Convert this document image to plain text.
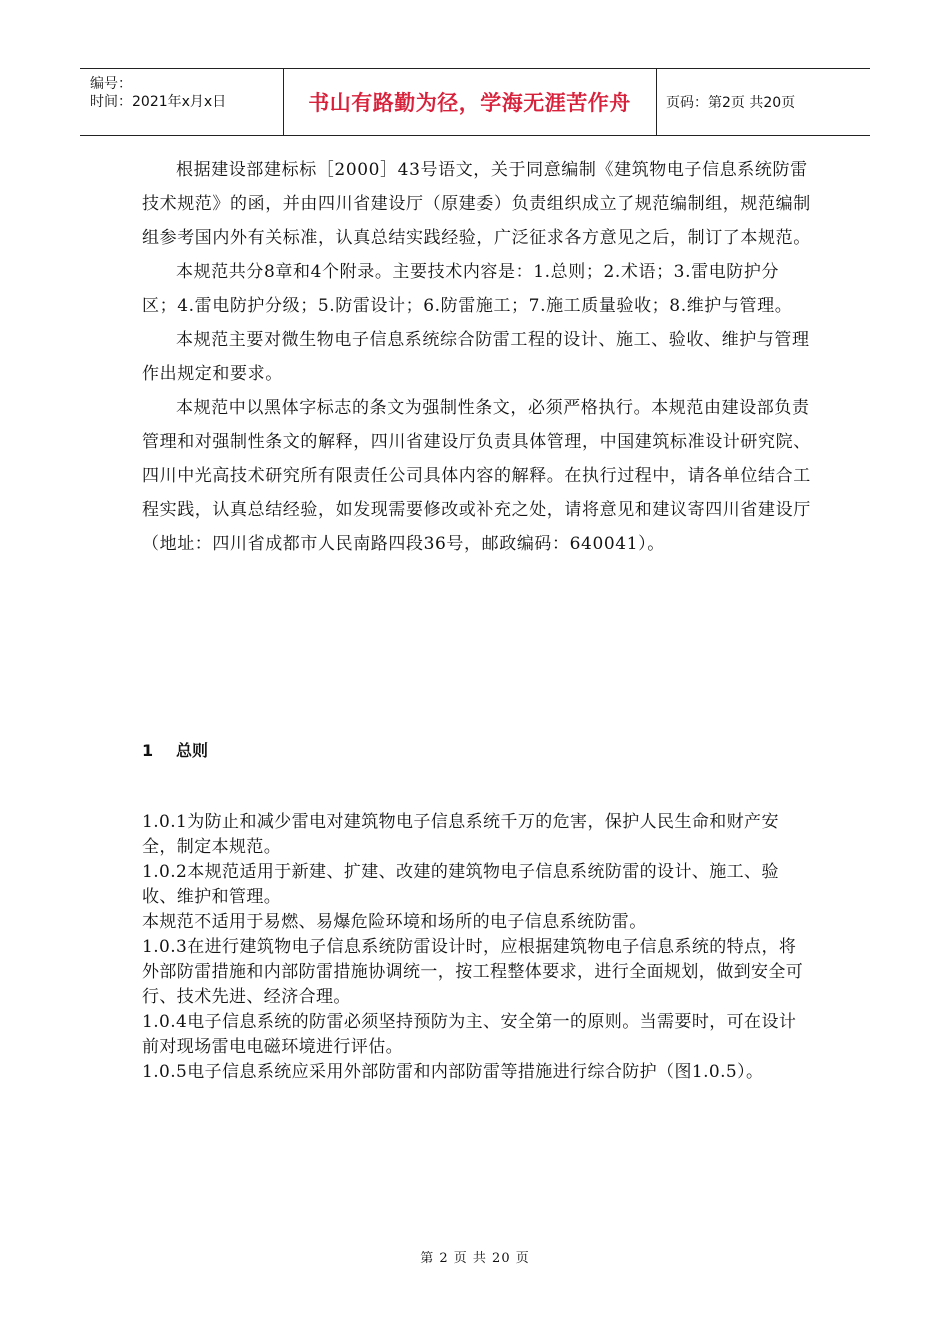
编号：
时间：2021年x月x日	书山有路勤为径，学海无涯苦作舟	页码：第2页 共20页

根据建设部建标标［2000］43号语文，关于同意编制《建筑物电子信息系统防雷技术规范》的函，并由四川省建设厅（原建委）负责组织成立了规范编制组，规范编制组参考国内外有关标准，认真总结实践经验，广泛征求各方意见之后，制订了本规范。

本规范共分8章和4个附录。主要技术内容是：1.总则；2.术语；3.雷电防护分区；4.雷电防护分级；5.防雷设计；6.防雷施工；7.施工质量验收；8.维护与管理。

本规范主要对微生物电子信息系统综合防雷工程的设计、施工、验收、维护与管理作出规定和要求。

本规范中以黑体字标志的条文为强制性条文，必须严格执行。本规范由建设部负责管理和对强制性条文的解释，四川省建设厅负责具体管理，中国建筑标准设计研究院、四川中光高技术研究所有限责任公司具体内容的解释。在执行过程中，请各单位结合工程实践，认真总结经验，如发现需要修改或补充之处，请将意见和建议寄四川省建设厅（地址：四川省成都市人民南路四段36号，邮政编码：640041）。

1 总则

1.0.1为防止和减少雷电对建筑物电子信息系统千万的危害，保护人民生命和财产安全，制定本规范。

1.0.2本规范适用于新建、扩建、改建的建筑物电子信息系统防雷的设计、施工、验收、维护和管理。

本规范不适用于易燃、易爆危险环境和场所的电子信息系统防雷。

1.0.3在进行建筑物电子信息系统防雷设计时，应根据建筑物电子信息系统的特点，将外部防雷措施和内部防雷措施协调统一，按工程整体要求，进行全面规划，做到安全可行、技术先进、经济合理。

1.0.4电子信息系统的防雷必须坚持预防为主、安全第一的原则。当需要时，可在设计前对现场雷电电磁环境进行评估。

1.0.5电子信息系统应采用外部防雷和内部防雷等措施进行综合防护（图1.0.5）。

第 2 页 共 20 页
